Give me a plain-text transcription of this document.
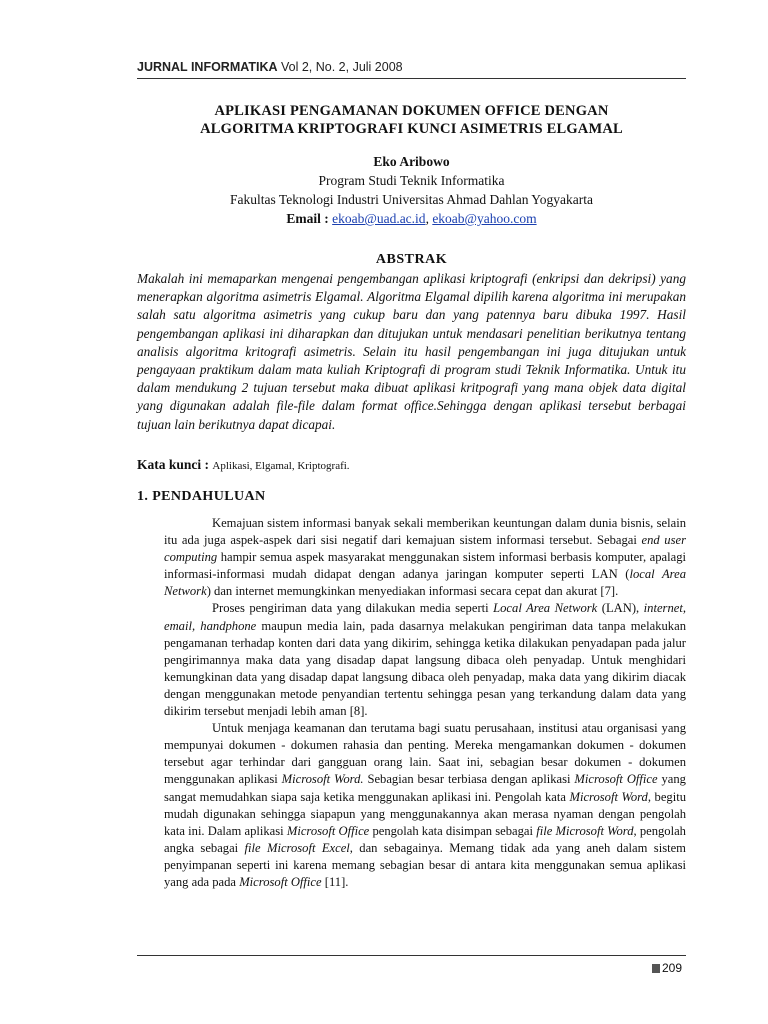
JURNAL INFORMATIKA Vol 2, No. 2, Juli 2008
APLIKASI PENGAMANAN DOKUMEN OFFICE DENGAN
ALGORITMA KRIPTOGRAFI KUNCI ASIMETRIS ELGAMAL
Eko Aribowo
Program Studi Teknik Informatika
Fakultas Teknologi Industri Universitas Ahmad Dahlan Yogyakarta
Email : ekoab@uad.ac.id, ekoab@yahoo.com
ABSTRAK
Makalah ini memaparkan mengenai pengembangan aplikasi kriptografi (enkripsi dan dekripsi) yang menerapkan algoritma asimetris Elgamal. Algoritma Elgamal dipilih karena algoritma ini merupakan salah satu algoritma asimetris yang cukup baru dan yang patennya baru dibuka 1997. Hasil pengembangan aplikasi ini diharapkan dan ditujukan untuk mendasari penelitian berikutnya tentang analisis algoritma kritografi asimetris. Selain itu hasil pengembangan ini juga ditujukan untuk pengayaan praktikum dalam mata kuliah Kriptografi di program studi Teknik Informatika. Untuk itu dalam mendukung 2 tujuan tersebut maka dibuat aplikasi kritpografi yang mana objek data digital yang digunakan adalah file-file dalam format office.Sehingga dengan aplikasi tersebut berbagai tujuan lain berikutnya dapat dicapai.
Kata kunci : Aplikasi, Elgamal, Kriptografi.
1. PENDAHULUAN

Kemajuan sistem informasi banyak sekali memberikan keuntungan dalam dunia bisnis, selain itu ada juga aspek-aspek dari sisi negatif dari kemajuan sistem informasi tersebut. Sebagai end user computing hampir semua aspek masyarakat menggunakan sistem informasi berbasis komputer, apalagi informasi-informasi mudah didapat dengan adanya jaringan komputer seperti LAN (local Area Network) dan internet memungkinkan menyediakan informasi secara cepat dan akurat [7].

Proses pengiriman data yang dilakukan media seperti Local Area Network (LAN), internet, email, handphone maupun media lain, pada dasarnya melakukan pengiriman data tanpa melakukan pengamanan terhadap konten dari data yang dikirim, sehingga ketika dilakukan penyadapan pada jalur pengirimannya maka data yang disadap dapat langsung dibaca oleh penyadap. Untuk menghidari kemungkinan data yang disadap dapat langsung dibaca oleh penyadap, maka data yang dikirim diacak dengan menggunakan metode penyandian tertentu sehingga pesan yang terkandung dalam data yang dikirim tersebut menjadi lebih aman [8].

Untuk menjaga keamanan dan terutama bagi suatu perusahaan, institusi atau organisasi yang mempunyai dokumen - dokumen rahasia dan penting. Mereka mengamankan dokumen - dokumen tersebut agar terhindar dari gangguan orang lain. Saat ini, sebagian besar dokumen - dokumen menggunakan aplikasi Microsoft Word. Sebagian besar terbiasa dengan aplikasi Microsoft Office yang sangat memudahkan siapa saja ketika menggunakan aplikasi ini. Pengolah kata Microsoft Word, begitu mudah digunakan sehingga siapapun yang menggunakannya akan merasa nyaman dengan pengolah kata ini. Dalam aplikasi Microsoft Office pengolah kata disimpan sebagai file Microsoft Word, pengolah angka sebagai file Microsoft Excel, dan sebagainya. Memang tidak ada yang aneh dalam sistem penyimpanan seperti ini karena memang sebagian besar di antara kita menggunakan semua aplikasi yang ada pada Microsoft Office [11].

209
